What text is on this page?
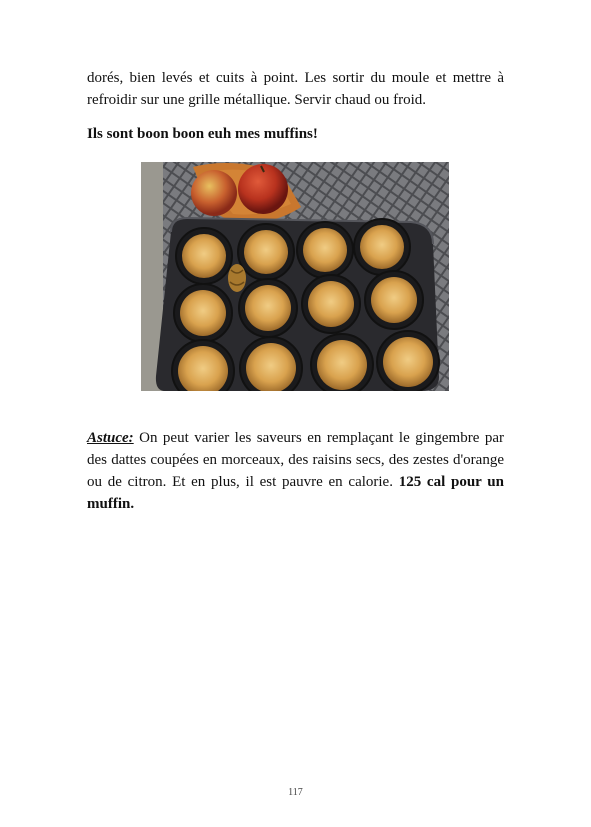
dorés, bien levés et cuits à point. Les sortir du moule et mettre à refroidir sur une grille métallique. Servir chaud ou froid.

Ils sont boon boon euh mes muffins!

Astuce: On peut varier les saveurs en remplaçant le gingembre par des dattes coupées en morceaux, des raisins secs, des zestes d'orange ou de citron. Et en plus, il est pauvre en calorie. 125 cal pour un muffin.

117
